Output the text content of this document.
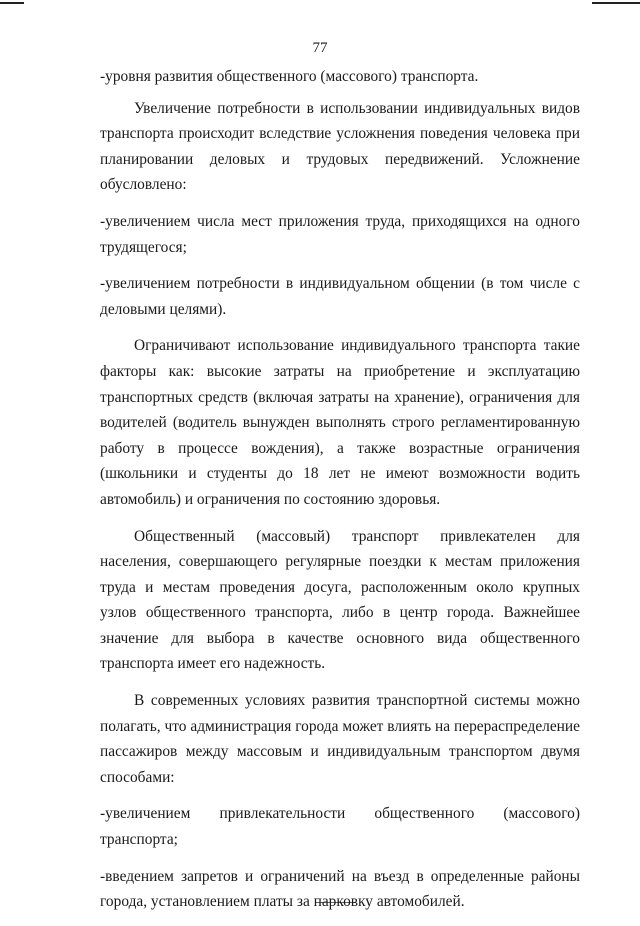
77

-уровня развития общественного (массового) транспорта.

Увеличение потребности в использовании индивидуальных видов транспорта происходит вследствие усложнения поведения человека при планировании деловых и трудовых передвижений. Усложнение обусловлено:

-увеличением числа мест приложения труда, приходящихся на одного трудящегося;

-увеличением потребности в индивидуальном общении (в том числе с деловыми целями).

Ограничивают использование индивидуального транспорта такие факторы как: высокие затраты на приобретение и эксплуатацию транспортных средств (включая затраты на хранение), ограничения для водителей (водитель вынужден выполнять строго регламентированную работу в процессе вождения), а также возрастные ограничения (школьники и студенты до 18 лет не имеют возможности водить автомобиль) и ограничения по состоянию здоровья.

Общественный (массовый) транспорт привлекателен для населения, совершающего регулярные поездки к местам приложения труда и местам проведения досуга, расположенным около крупных узлов общественного транспорта, либо в центр города. Важнейшее значение для выбора в качестве основного вида общественного транспорта имеет его надежность.

В современных условиях развития транспортной системы можно полагать, что администрация города может влиять на перераспределение пассажиров между массовым и индивидуальным транспортом двумя способами:

-увеличением привлекательности общественного (массового) транспорта;

-введением запретов и ограничений на въезд в определенные районы города, установлением платы за парковку автомобилей.
